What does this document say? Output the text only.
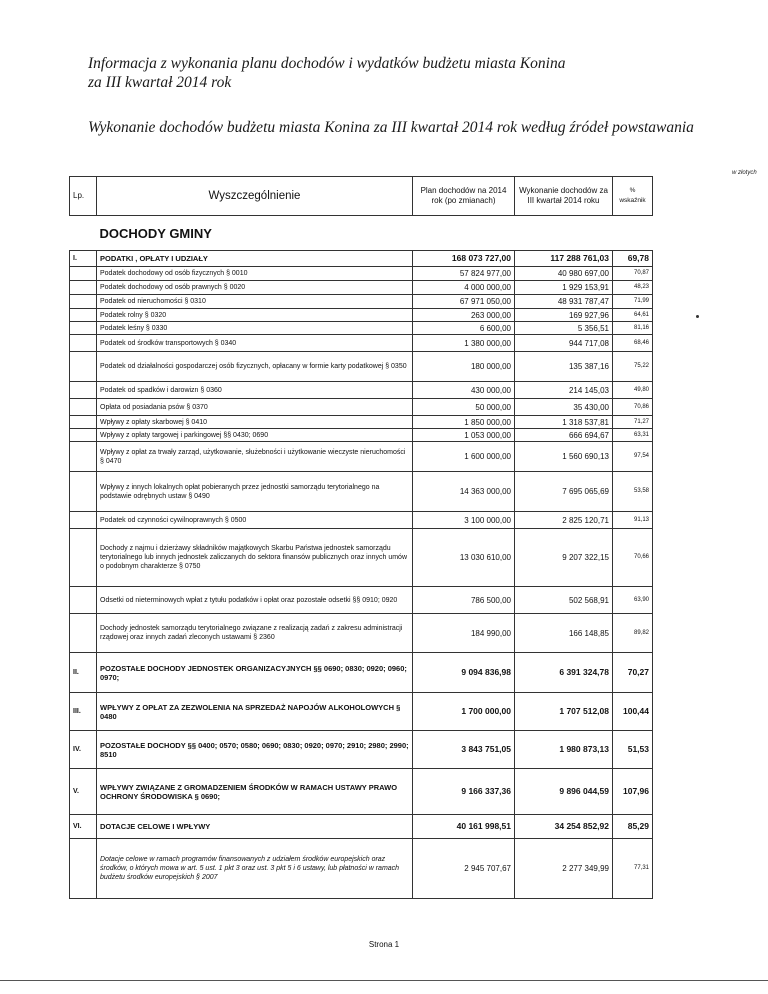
Informacja z wykonania planu dochodów i wydatków budżetu miasta Konina
za III kwartał 2014 rok
Wykonanie dochodów budżetu miasta Konina za III kwartał 2014 rok według źródeł powstawania
w złotych
Lp.	Wyszczególnienie	Plan dochodów na 2014 rok (po zmianach)	Wykonanie dochodów za III kwartał 2014 roku	% wskaźnik
	DOCHODY GMINY			
I.	PODATKI , OPŁATY I UDZIAŁY	168 073 727,00	117 288 761,03	69,78
	Podatek dochodowy od osób fizycznych § 0010	57 824 977,00	40 980 697,00	70,87
	Podatek dochodowy od osób prawnych § 0020	4 000 000,00	1 929 153,91	48,23
	Podatek od nieruchomości § 0310	67 971 050,00	48 931 787,47	71,99
	Podatek rolny § 0320	263 000,00	169 927,96	64,61
	Podatek leśny § 0330	6 600,00	5 356,51	81,16
	Podatek od środków transportowych § 0340	1 380 000,00	944 717,08	68,46
	Podatek od działalności gospodarczej osób fizycznych, opłacany w formie karty podatkowej § 0350	180 000,00	135 387,16	75,22
	Podatek od spadków i darowizn § 0360	430 000,00	214 145,03	49,80
	Opłata od posiadania psów § 0370	50 000,00	35 430,00	70,86
	Wpływy z opłaty skarbowej § 0410	1 850 000,00	1 318 537,81	71,27
	Wpływy z opłaty targowej i parkingowej §§ 0430; 0690	1 053 000,00	666 694,67	63,31
	Wpływy z opłat za trwały zarząd, użytkowanie, służebności i użytkowanie wieczyste nieruchomości § 0470	1 600 000,00	1 560 690,13	97,54
	Wpływy z innych lokalnych opłat pobieranych przez jednostki samorządu terytorialnego na podstawie odrębnych ustaw § 0490	14 363 000,00	7 695 065,69	53,58
	Podatek od czynności cywilnoprawnych § 0500	3 100 000,00	2 825 120,71	91,13
	Dochody z najmu i dzierżawy składników majątkowych Skarbu Państwa jednostek samorządu terytorialnego lub innych jednostek zaliczanych do sektora finansów publicznych oraz innych umów o podobnym charakterze § 0750	13 030 610,00	9 207 322,15	70,66
	Odsetki od nieterminowych wpłat z tytułu podatków i opłat oraz pozostałe odsetki §§ 0910; 0920	786 500,00	502 568,91	63,90
	Dochody jednostek samorządu terytorialnego związane z realizacją zadań z zakresu administracji rządowej oraz innych zadań zleconych ustawami § 2360	184 990,00	166 148,85	89,82
II.	POZOSTAŁE DOCHODY JEDNOSTEK ORGANIZACYJNYCH §§ 0690; 0830; 0920; 0960; 0970;	9 094 836,98	6 391 324,78	70,27
III.	WPŁYWY Z OPŁAT ZA ZEZWOLENIA NA SPRZEDAŻ NAPOJÓW ALKOHOLOWYCH § 0480	1 700 000,00	1 707 512,08	100,44
IV.	POZOSTAŁE DOCHODY §§ 0400; 0570; 0580; 0690; 0830; 0920; 0970; 2910; 2980; 2990; 8510	3 843 751,05	1 980 873,13	51,53
V.	WPŁYWY ZWIĄZANE Z GROMADZENIEM ŚRODKÓW W RAMACH USTAWY PRAWO OCHRONY ŚRODOWISKA § 0690;	9 166 337,36	9 896 044,59	107,96
VI.	DOTACJE CELOWE I WPŁYWY	40 161 998,51	34 254 852,92	85,29
	Dotacje celowe w ramach programów finansowanych z udziałem środków europejskich oraz środków, o których mowa w art. 5 ust. 1 pkt 3 oraz ust. 3 pkt 5 i 6 ustawy, lub płatności w ramach budżetu środków europejskich § 2007	2 945 707,67	2 277 349,99	77,31
Strona 1
